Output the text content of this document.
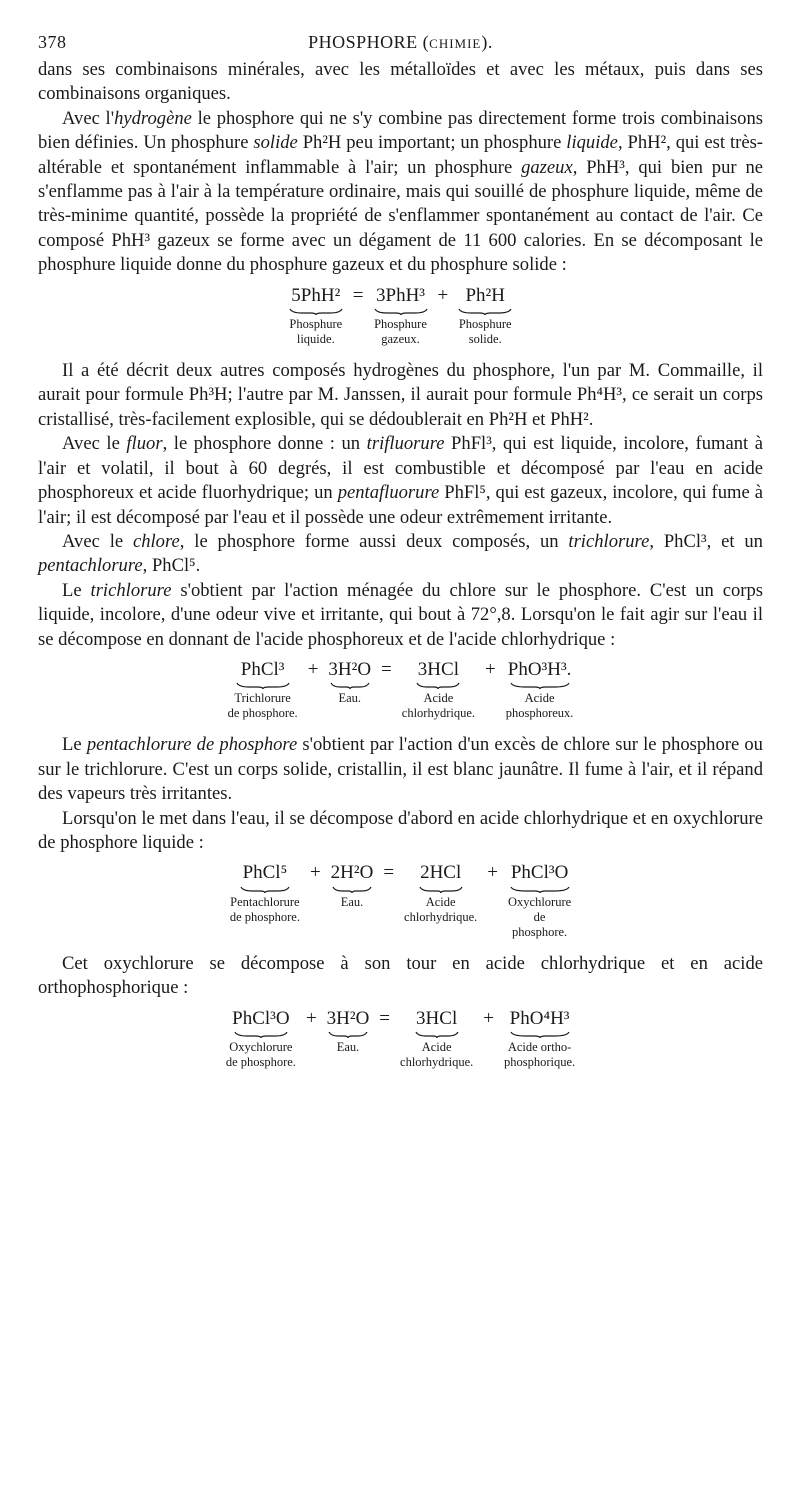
378	PHOSPHORE (CHIMIE).

dans ses combinaisons minérales, avec les métalloïdes et avec les métaux, puis dans ses combinaisons organiques.

Avec l'hydrogène le phosphore qui ne s'y combine pas directement forme trois combinaisons bien définies. Un phosphure solide Ph²H peu important; un phosphure liquide, PhH², qui est très-altérable et spontanément inflammable à l'air; un phosphure gazeux, PhH³, qui bien pur ne s'enflamme pas à l'air à la température ordinaire, mais qui souillé de phosphure liquide, même de très-minime quantité, possède la propriété de s'enflammer spontanément au contact de l'air. Ce composé PhH³ gazeux se forme avec un dégament de 11 600 calories. En se décomposant le phosphure liquide donne du phosphure gazeux et du phosphure solide :

5PhH²	=	3PhH³	+	Ph²H

Phosphure
liquide.		Phosphure
gazeux.		Phosphure
solide.

Il a été décrit deux autres composés hydrogènes du phosphore, l'un par M. Commaille, il aurait pour formule Ph³H; l'autre par M. Janssen, il aurait pour formule Ph⁴H³, ce serait un corps cristallisé, très-facilement explosible, qui se dédoublerait en Ph²H et PhH².

Avec le fluor, le phosphore donne : un trifluorure PhFl³, qui est liquide, incolore, fumant à l'air et volatil, il bout à 60 degrés, il est combustible et décomposé par l'eau en acide phosphoreux et acide fluorhydrique; un pentafluorure PhFl⁵, qui est gazeux, incolore, qui fume à l'air; il est décomposé par l'eau et il possède une odeur extrêmement irritante.

Avec le chlore, le phosphore forme aussi deux composés, un trichlorure, PhCl³, et un pentachlorure, PhCl⁵.

Le trichlorure s'obtient par l'action ménagée du chlore sur le phosphore. C'est un corps liquide, incolore, d'une odeur vive et irritante, qui bout à 72°,8. Lorsqu'on le fait agir sur l'eau il se décompose en donnant de l'acide phosphoreux et de l'acide chlorhydrique :

PhCl³	+	3H²O	=	3HCl	+	PhO³H³.

Trichlorure
de phosphore.		Eau.		Acide
chlorhydrique.		Acide
phosphoreux.

Le pentachlorure de phosphore s'obtient par l'action d'un excès de chlore sur le phosphore ou sur le trichlorure. C'est un corps solide, cristallin, il est blanc jaunâtre. Il fume à l'air, et il répand des vapeurs très irritantes.

Lorsqu'on le met dans l'eau, il se décompose d'abord en acide chlorhydrique et en oxychlorure de phosphore liquide :

PhCl⁵	+	2H²O	=	2HCl	+	PhCl³O

Pentachlorure
de phosphore.		Eau.		Acide
chlorhydrique.		Oxychlorure
de
phosphore.

Cet oxychlorure se décompose à son tour en acide chlorhydrique et en acide orthophosphorique :

PhCl³O	+	3H²O	=	3HCl	+	PhO⁴H³

Oxychlorure
de phosphore.		Eau.		Acide
chlorhydrique.		Acide ortho-
phosphorique.
